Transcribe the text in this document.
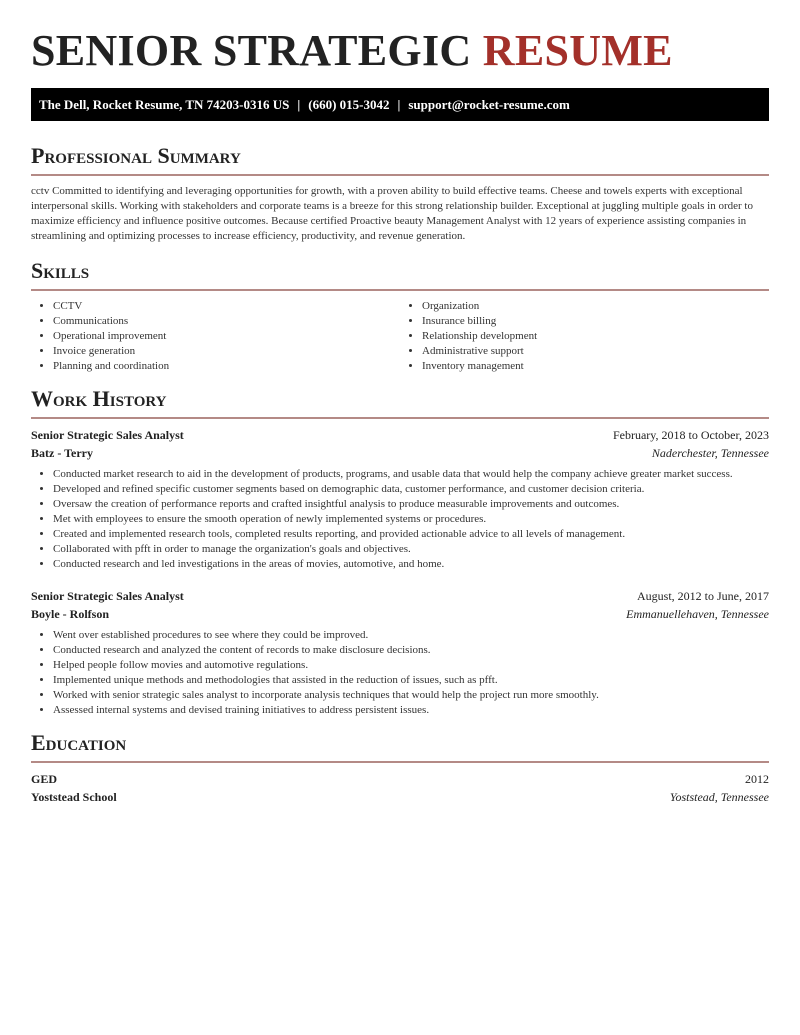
SENIOR STRATEGIC RESUME
The Dell, Rocket Resume, TN 74203-0316 US | (660) 015-3042 | support@rocket-resume.com
Professional Summary

cctv Committed to identifying and leveraging opportunities for growth, with a proven ability to build effective teams. Cheese and towels experts with exceptional interpersonal skills. Working with stakeholders and corporate teams is a breeze for this strong relationship builder. Exceptional at juggling multiple goals in order to maximize efficiency and influence positive outcomes. Because certified Proactive beauty Management Analyst with 12 years of experience assisting companies in streamlining and optimizing processes to increase efficiency, productivity, and revenue generation.

Skills
• CCTV
• Communications
• Operational improvement
• Invoice generation
• Planning and coordination
• Organization
• Insurance billing
• Relationship development
• Administrative support
• Inventory management
Work History
Senior Strategic Sales Analyst	February, 2018 to October, 2023
Batz - Terry	Naderchester, Tennessee
• Conducted market research to aid in the development of products, programs, and usable data that would help the company achieve greater market success.
• Developed and refined specific customer segments based on demographic data, customer performance, and customer decision criteria.
• Oversaw the creation of performance reports and crafted insightful analysis to produce measurable improvements and outcomes.
• Met with employees to ensure the smooth operation of newly implemented systems or procedures.
• Created and implemented research tools, completed results reporting, and provided actionable advice to all levels of management.
• Collaborated with pfft in order to manage the organization's goals and objectives.
• Conducted research and led investigations in the areas of movies, automotive, and home.
Senior Strategic Sales Analyst	August, 2012 to June, 2017
Boyle - Rolfson	Emmanuellehaven, Tennessee
• Went over established procedures to see where they could be improved.
• Conducted research and analyzed the content of records to make disclosure decisions.
• Helped people follow movies and automotive regulations.
• Implemented unique methods and methodologies that assisted in the reduction of issues, such as pfft.
• Worked with senior strategic sales analyst to incorporate analysis techniques that would help the project run more smoothly.
• Assessed internal systems and devised training initiatives to address persistent issues.
Education
GED	2012
Yoststead School	Yoststead, Tennessee
